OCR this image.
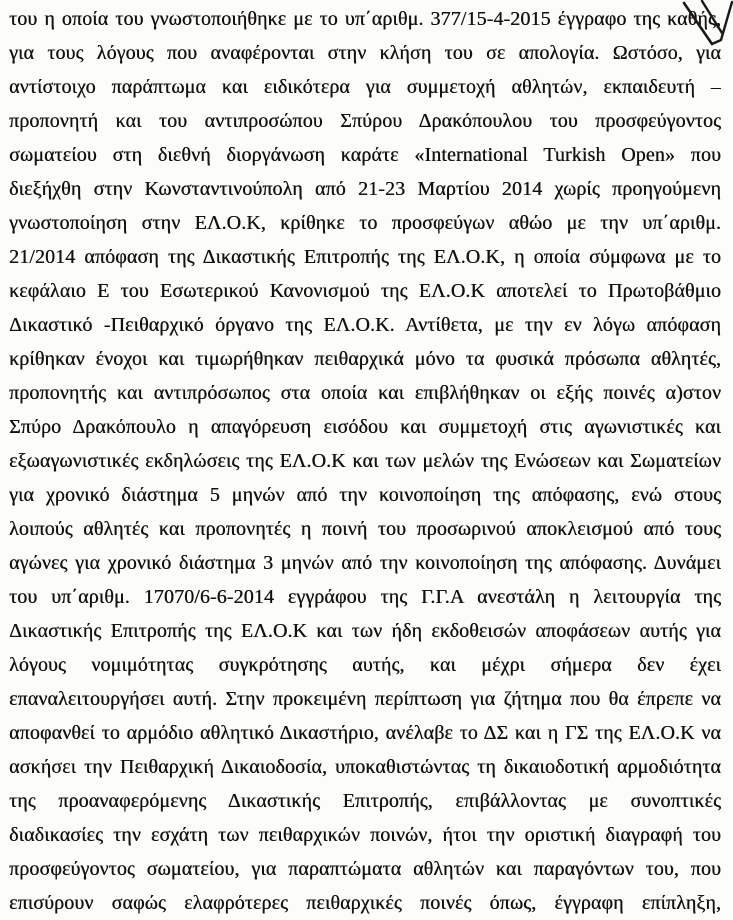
του η οποία του γνωστοποιήθηκε με το υπ΄αριθμ. 377/15-4-2015 έγγραφο της καθής,
για τους λόγους που αναφέρονται στην κλήση του σε απολογία. Ωστόσο, για
αντίστοιχο παράπτωμα και ειδικότερα για συμμετοχή αθλητών, εκπαιδευτή –
προπονητή και του αντιπροσώπου Σπύρου Δρακόπουλου του προσφεύγοντος
σωματείου στη διεθνή διοργάνωση καράτε «International Turkish Open» που
διεξήχθη στην Κωνσταντινούπολη από 21-23 Μαρτίου 2014 χωρίς προηγούμενη
γνωστοποίηση στην ΕΛ.Ο.Κ, κρίθηκε το προσφεύγων αθώο με την υπ΄αριθμ.
21/2014 απόφαση της Δικαστικής Επιτροπής της ΕΛ.Ο.Κ, η οποία σύμφωνα με το
κεφάλαιο Ε του Εσωτερικού Κανονισμού της ΕΛ.Ο.Κ αποτελεί το Πρωτοβάθμιο
Δικαστικό -Πειθαρχικό όργανο της ΕΛ.Ο.Κ. Αντίθετα, με την εν λόγω απόφαση
κρίθηκαν ένοχοι και τιμωρήθηκαν πειθαρχικά μόνο τα φυσικά πρόσωπα αθλητές,
προπονητής και αντιπρόσωπος στα οποία και επιβλήθηκαν οι εξής ποινές α)στον
Σπύρο Δρακόπουλο η απαγόρευση εισόδου και συμμετοχή στις αγωνιστικές και
εξωαγωνιστικές εκδηλώσεις της ΕΛ.Ο.Κ και των μελών της Ενώσεων και Σωματείων
για χρονικό διάστημα 5 μηνών από την κοινοποίηση της απόφασης, ενώ στους
λοιπούς αθλητές και προπονητές η ποινή του προσωρινού αποκλεισμού από τους
αγώνες για χρονικό διάστημα 3 μηνών από την κοινοποίηση της απόφασης. Δυνάμει
του υπ΄αριθμ. 17070/6-6-2014 εγγράφου της Γ.Γ.Α ανεστάλη η λειτουργία της
Δικαστικής Επιτροπής της ΕΛ.Ο.Κ και των ήδη εκδοθεισών αποφάσεων αυτής για
λόγους νομιμότητας συγκρότησης αυτής, και μέχρι σήμερα δεν έχει
επαναλειτουργήσει αυτή. Στην προκειμένη περίπτωση για ζήτημα που θα έπρεπε να
αποφανθεί το αρμόδιο αθλητικό Δικαστήριο, ανέλαβε το ΔΣ και η ΓΣ της ΕΛ.Ο.Κ να
ασκήσει την Πειθαρχική Δικαιοδοσία, υποκαθιστώντας τη δικαιοδοτική αρμοδιότητα
της προαναφερόμενης Δικαστικής Επιτροπής, επιβάλλοντας με συνοπτικές
διαδικασίες την εσχάτη των πειθαρχικών ποινών, ήτοι την οριστική διαγραφή του
προσφεύγοντος σωματείου, για παραπτώματα αθλητών και παραγόντων του, που
επισύρουν σαφώς ελαφρότερες πειθαρχικές ποινές όπως, έγγραφη επίπληξη,
